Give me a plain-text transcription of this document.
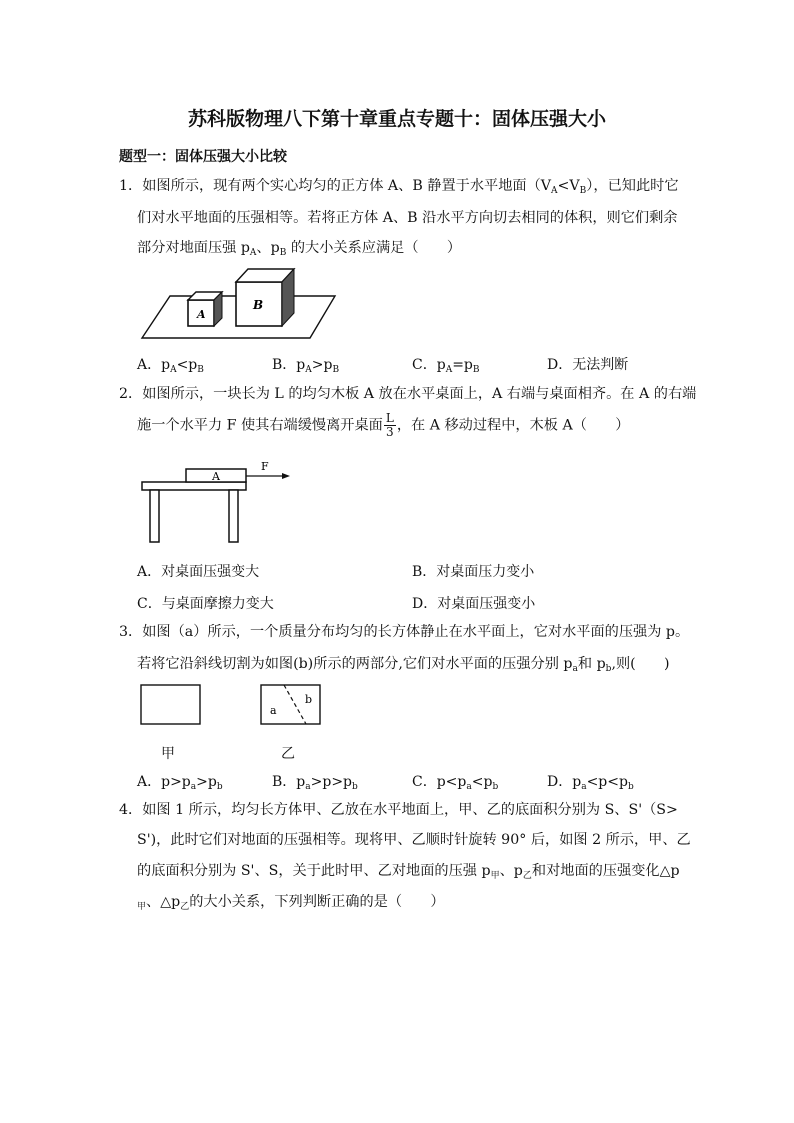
苏科版物理八下第十章重点专题十：固体压强大小
题型一：固体压强大小比较
1．如图所示，现有两个实心均匀的正方体 A、B 静置于水平地面$(V_A<V_B)$，已知此时它
们对水平地面的压强相等。若将正方体 A、B 沿水平方向切去相同的体积，则它们剩余
部分对地面压强 $p_A$、$p_B$ 的大小关系应满足（　　）
A
B
A．$p_A<p_B$	B．$p_A>p_B$	C．$p_A=p_B$	D．无法判断
2．如图所示，一块长为 L 的均匀木板 A 放在水平桌面上，A 右端与桌面相齐。在 A 的右端
施一个水平力 F 使其右端缓慢离开桌面 $\frac{L}{3}$ ，在 A 移动过程中，木板 A（　　）
A
F
A．对桌面压强变大	B．对桌面压力变小
C．与桌面摩擦力变大	D．对桌面压强变小
3．如图（a）所示，一个质量分布均匀的长方体静止在水平面上，它对水平面的压强为 p。
若将它沿斜线切割为如图(b)所示的两部分,它们对水平面的压强分别 $p_a$和 $p_b$,则(　　)
a
b
甲	乙
A．$p>p_a>p_b$	B．$p_a>p>p_b$	C．$p<p_a<p_b$	D．$p_a<p<p_b$
4．如图 1 所示，均匀长方体甲、乙放在水平地面上，甲、乙的底面积分别为 S、S'（S>
S')，此时它们对地面的压强相等。现将甲、乙顺时针旋转 90° 后，如图 2 所示，甲、乙
的底面积分别为 S'、S，关于此时甲、乙对地面的压强 $p_甲$、$p_乙$和对地面的压强变化△p
$_甲$、$\triangle p_乙$的大小关系，下列判断正确的是（　　）
